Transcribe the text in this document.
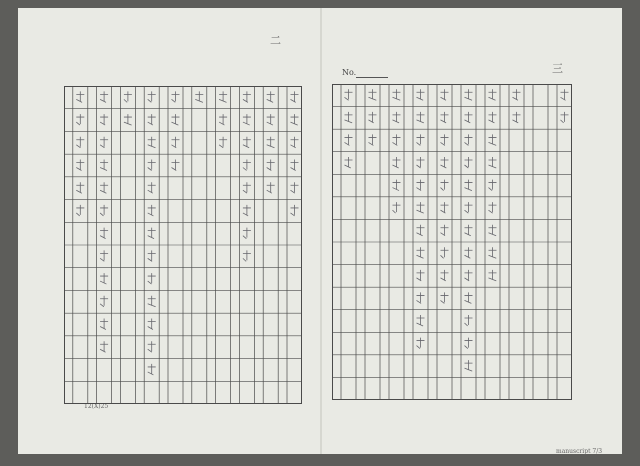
二
三
No.
12(X)25
manuscript 7/3
